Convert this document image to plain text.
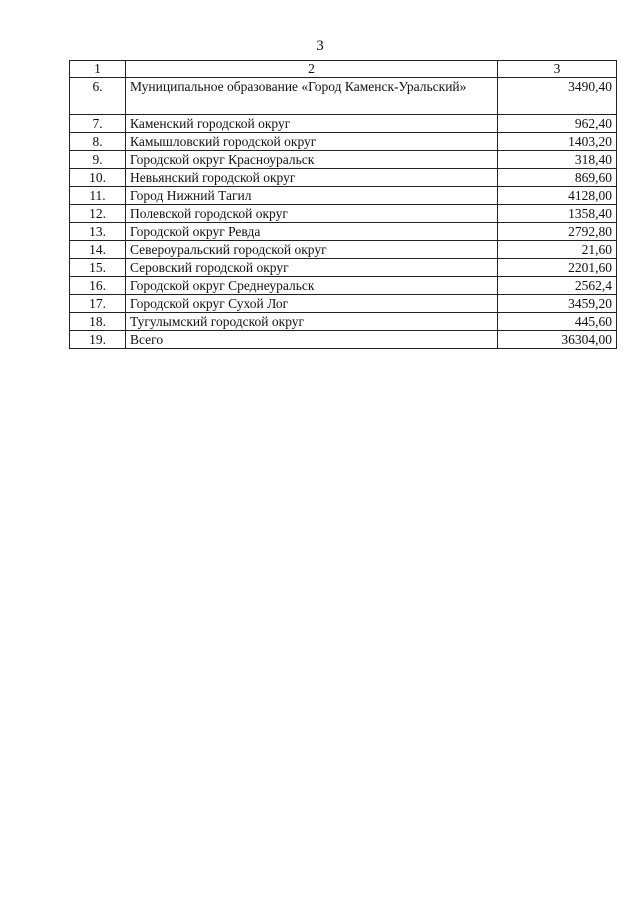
3
1	2	3
6.	Муниципальное образование «Город Каменск-Уральский»	3490,40
7.	Каменский городской округ	962,40
8.	Камышловский городской округ	1403,20
9.	Городской округ Красноуральск	318,40
10.	Невьянский городской округ	869,60
11.	Город Нижний Тагил	4128,00
12.	Полевской городской округ	1358,40
13.	Городской округ Ревда	2792,80
14.	Североуральский городской округ	21,60
15.	Серовский городской округ	2201,60
16.	Городской округ Среднеуральск	2562,4
17.	Городской округ Сухой Лог	3459,20
18.	Тугулымский городской округ	445,60
19.	Всего	36304,00
